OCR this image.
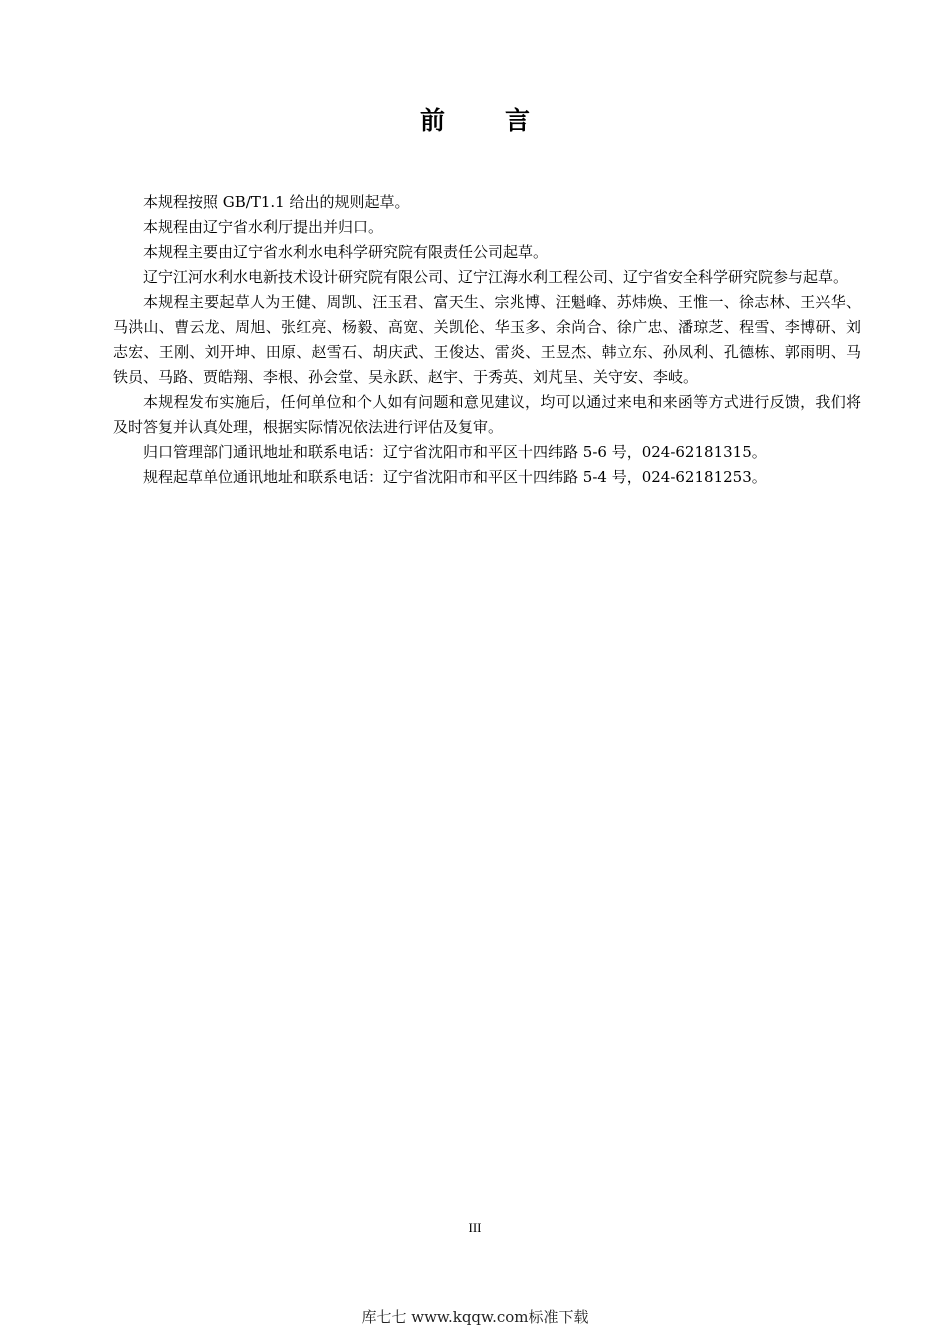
前言

本规程按照 GB/T1.1 给出的规则起草。

本规程由辽宁省水利厅提出并归口。

本规程主要由辽宁省水利水电科学研究院有限责任公司起草。

辽宁江河水利水电新技术设计研究院有限公司、辽宁江海水利工程公司、辽宁省安全科学研究院参与起草。

本规程主要起草人为王健、周凯、汪玉君、富天生、宗兆博、汪魁峰、苏炜焕、王惟一、徐志林、王兴华、马洪山、曹云龙、周旭、张红亮、杨毅、高宽、关凯伦、华玉多、余尚合、徐广忠、潘琼芝、程雪、李博研、刘志宏、王刚、刘开坤、田原、赵雪石、胡庆武、王俊达、雷炎、王昱杰、韩立东、孙凤利、孔德栋、郭雨明、马铁员、马路、贾皓翔、李根、孙会堂、吴永跃、赵宇、于秀英、刘芃呈、关守安、李岐。

本规程发布实施后，任何单位和个人如有问题和意见建议，均可以通过来电和来函等方式进行反馈，我们将及时答复并认真处理，根据实际情况依法进行评估及复审。

归口管理部门通讯地址和联系电话：辽宁省沈阳市和平区十四纬路 5-6 号，024-62181315。

规程起草单位通讯地址和联系电话：辽宁省沈阳市和平区十四纬路 5-4 号，024-62181253。

III
库七七 www.kqqw.com标准下载
